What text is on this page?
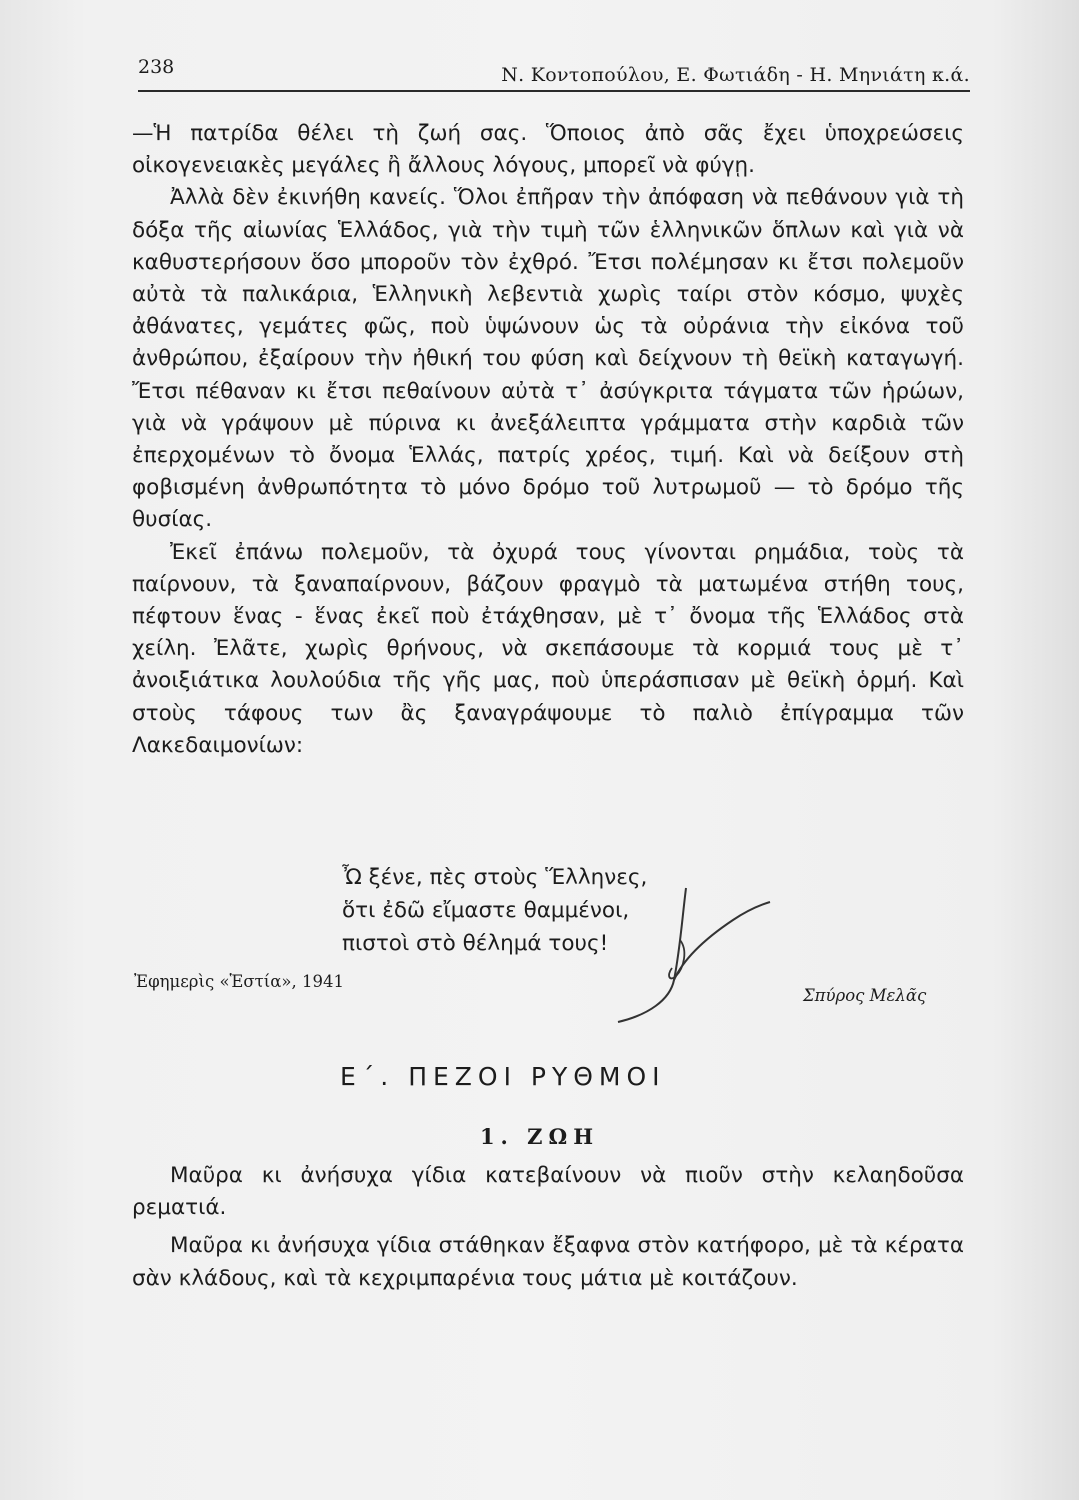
238	Ν. Κοντοπούλου, Ε. Φωτιάδη - Η. Μηνιάτη κ.ά.

—Ἡ πατρίδα θέλει τὴ ζωή σας. Ὅποιος ἀπὸ σᾶς ἔχει ὑποχρεώσεις οἰκογενειακὲς μεγάλες ἢ ἄλλους λόγους, μπορεῖ νὰ φύγῃ.

Ἀλλὰ δὲν ἐκινήθη κανείς. Ὅλοι ἐπῆραν τὴν ἀπόφαση νὰ πεθάνουν γιὰ τὴ δόξα τῆς αἰωνίας Ἑλλάδος, γιὰ τὴν τιμὴ τῶν ἑλληνικῶν ὅπλων καὶ γιὰ νὰ καθυστερήσουν ὅσο μποροῦν τὸν ἐχθρό. Ἔτσι πολέμησαν κι ἔτσι πολεμοῦν αὐτὰ τὰ παλικάρια, Ἑλληνικὴ λεβεντιὰ χωρὶς ταίρι στὸν κόσμο, ψυχὲς ἀθάνατες, γεμάτες φῶς, ποὺ ὑψώνουν ὡς τὰ οὐράνια τὴν εἰκόνα τοῦ ἀνθρώπου, ἐξαίρουν τὴν ἠθική του φύση καὶ δείχνουν τὴ θεϊκὴ καταγωγή. Ἔτσι πέθαναν κι ἔτσι πεθαίνουν αὐτὰ τ᾽ ἀσύγκριτα τάγματα τῶν ἡρώων, γιὰ νὰ γράψουν μὲ πύρινα κι ἀνεξάλειπτα γράμματα στὴν καρδιὰ τῶν ἐπερχομένων τὸ ὄνομα Ἑλλάς, πατρίς χρέος, τιμή. Καὶ νὰ δείξουν στὴ φοβισμένη ἀνθρωπότητα τὸ μόνο δρόμο τοῦ λυτρωμοῦ — τὸ δρόμο τῆς θυσίας.

Ἐκεῖ ἐπάνω πολεμοῦν, τὰ ὀχυρά τους γίνονται ρημάδια, τοὺς τὰ παίρνουν, τὰ ξαναπαίρνουν, βάζουν φραγμὸ τὰ ματωμένα στήθη τους, πέφτουν ἕνας - ἕνας ἐκεῖ ποὺ ἐτάχθησαν, μὲ τ᾽ ὄνομα τῆς Ἑλλάδος στὰ χείλη. Ἐλᾶτε, χωρὶς θρήνους, νὰ σκεπάσουμε τὰ κορμιά τους μὲ τ᾽ ἀνοιξιάτικα λουλούδια τῆς γῆς μας, ποὺ ὑπεράσπισαν μὲ θεϊκὴ ὁρμή. Καὶ στοὺς τάφους των ἂς ξαναγράψουμε τὸ παλιὸ ἐπίγραμμα τῶν Λακεδαιμονίων:

Ὦ ξένε, πὲς στοὺς Ἕλληνες,
ὅτι ἐδῶ εἴμαστε θαμμένοι,
πιστοὶ στὸ θέλημά τους!
Ἐφημερὶς «Ἑστία», 1941
Σπύρος Μελᾶς
Ε΄. ΠΕΖΟΙ ΡΥΘΜΟΙ
1. ΖΩΗ

Μαῦρα κι ἀνήσυχα γίδια κατεβαίνουν νὰ πιοῦν στὴν κελαηδοῦσα ρεματιά.

Μαῦρα κι ἀνήσυχα γίδια στάθηκαν ἔξαφνα στὸν κατήφορο, μὲ τὰ κέρατα σὰν κλάδους, καὶ τὰ κεχριμπαρένια τους μάτια μὲ κοιτάζουν.
